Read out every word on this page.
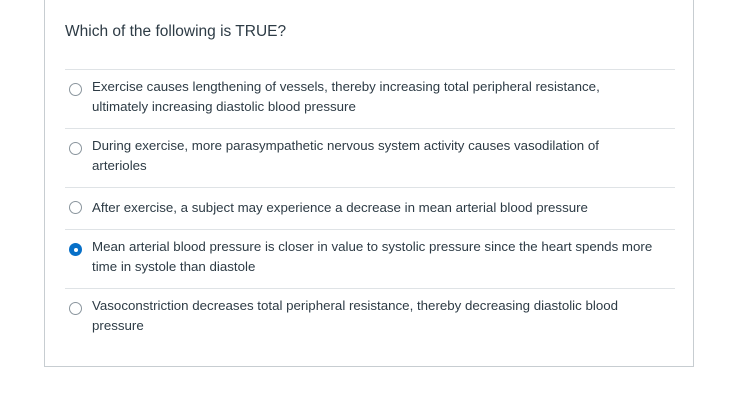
Which of the following is TRUE?
Exercise causes lengthening of vessels, thereby increasing total peripheral resistance, ultimately increasing diastolic blood pressure
During exercise, more parasympathetic nervous system activity causes vasodilation of arterioles
After exercise, a subject may experience a decrease in mean arterial blood pressure
Mean arterial blood pressure is closer in value to systolic pressure since the heart spends more time in systole than diastole
Vasoconstriction decreases total peripheral resistance, thereby decreasing diastolic blood pressure
